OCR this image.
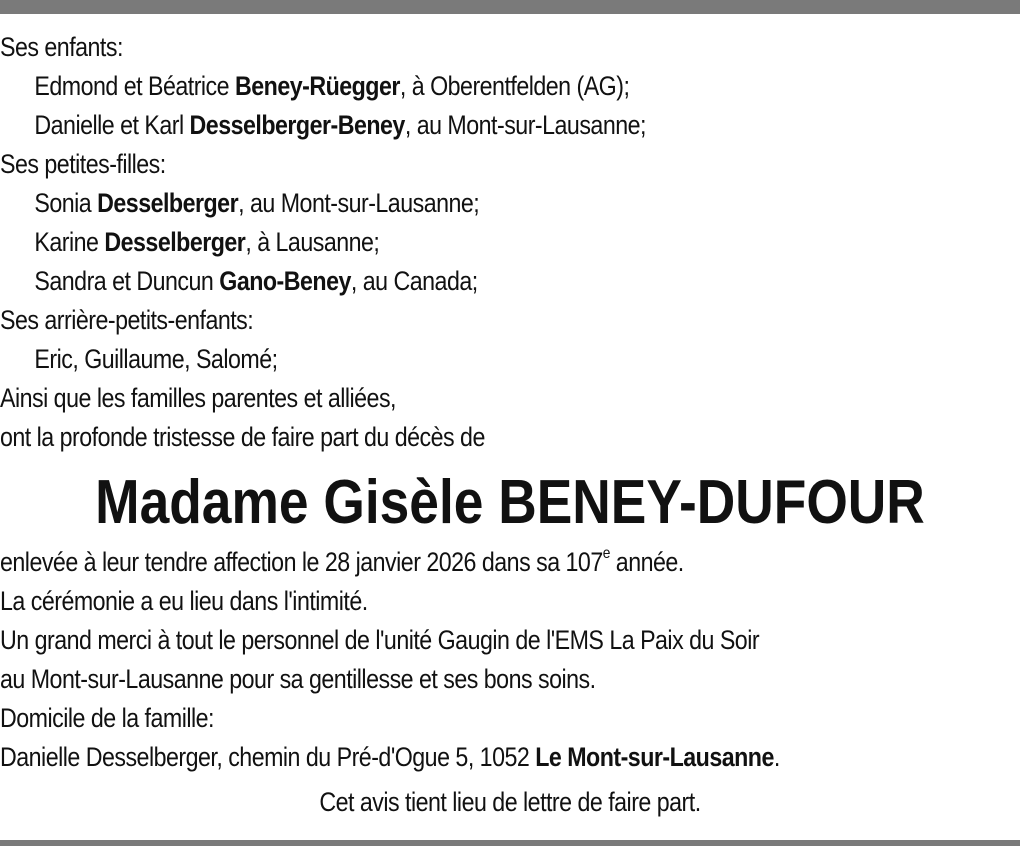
Ses enfants:
Edmond et Béatrice Beney-Rüegger, à Oberentfelden (AG);
Danielle et Karl Desselberger-Beney, au Mont-sur-Lausanne;
Ses petites-filles:
Sonia Desselberger, au Mont-sur-Lausanne;
Karine Desselberger, à Lausanne;
Sandra et Duncun Gano-Beney, au Canada;
Ses arrière-petits-enfants:
Eric, Guillaume, Salomé;
Ainsi que les familles parentes et alliées,
ont la profonde tristesse de faire part du décès de
Madame Gisèle BENEY-DUFOUR
enlevée à leur tendre affection le 28 janvier 2026 dans sa 107e année.
La cérémonie a eu lieu dans l'intimité.
Un grand merci à tout le personnel de l'unité Gaugin de l'EMS La Paix du Soir
au Mont-sur-Lausanne pour sa gentillesse et ses bons soins.
Domicile de la famille:
Danielle Desselberger, chemin du Pré-d'Ogue 5, 1052 Le Mont-sur-Lausanne.
Cet avis tient lieu de lettre de faire part.
